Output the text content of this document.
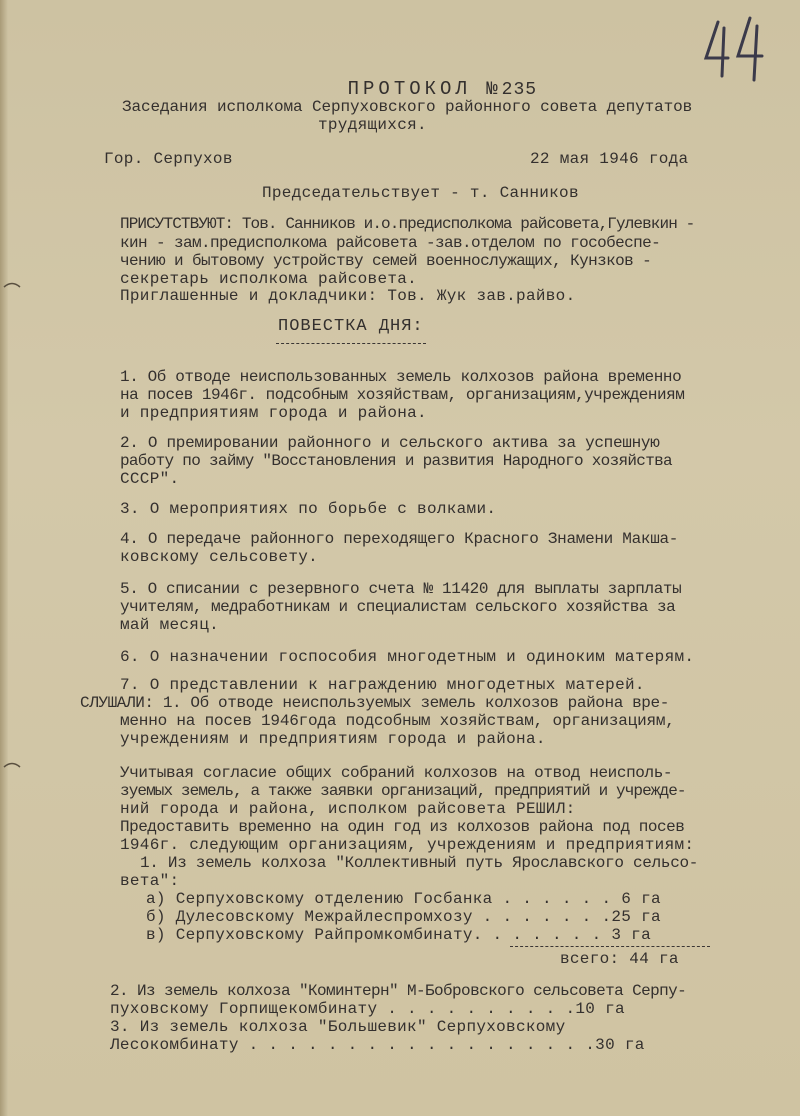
ПРОТОКОЛ №235

Заседания исполкома Серпуховского районного совета депутатов
трудящихся.
Гор. Серпухов	22 мая 1946 года
Председательствует - т. Санников
ПРИСУТСТВУЮТ: Тов. Санников и.о.предисполкома райсовета,Гулевкин -
кин - зам.предисполкома райсовета -зав.отделом по гособеспе-
чению и бытовому устройству семей военнослужащих, Кунзков -
секретарь исполкома райсовета.
Приглашенные и докладчики: Тов. Жук зав.райво.
ПОВЕСТКА ДНЯ:
1. Об отводе неиспользованных земель колхозов района временно
на посев 1946г. подсобным хозяйствам, организациям,учреждениям
и предприятиям города и района.
2. О премировании районного и сельского актива за успешную
работу по займу "Восстановления и развития Народного хозяйства
СССР".
3. О мероприятиях по борьбе с волками.
4. О передаче районного переходящего Красного Знамени Макша-
ковскому сельсовету.
5. О списании с резервного счета № 11420 для выплаты зарплаты
учителям, медработникам и специалистам сельского хозяйства за
май месяц.
6. О назначении госпособия многодетным и одиноким матерям.
7. О представлении к награждению многодетных матерей.
СЛУШАЛИ: 1. Об отводе неиспользуемых земель колхозов района вре-
менно на посев 1946года подсобным хозяйствам, организациям,
учреждениям и предприятиям города и района.
Учитывая согласие общих собраний колхозов на отвод неисполь-
зуемых земель, а также заявки организаций, предприятий и учрежде-
ний города и района, исполком райсовета РЕШИЛ:
Предоставить временно на один год из колхозов района под посев
1946г. следующим организациям, учреждениям и предприятиям:
1. Из земель колхоза "Коллективный путь Ярославского сельсо-
вета":
а) Серпуховскому отделению Госбанка . . . . . . 6 га
б) Дулесовскому Межрайлеспромхозу . . . . . . .25 га
в) Серпуховскому Райпромкомбинату. . . . . . . 3 га
всего: 44 га
2. Из земель колхоза "Коминтерн" М-Бобровского сельсовета Серпу-
пуховскому Горпищекомбинату . . . . . . . . . .10 га
3. Из земель колхоза "Большевик" Серпуховскому
Лесокомбинату . . . . . . . . . . . . . . . . . .30 га
